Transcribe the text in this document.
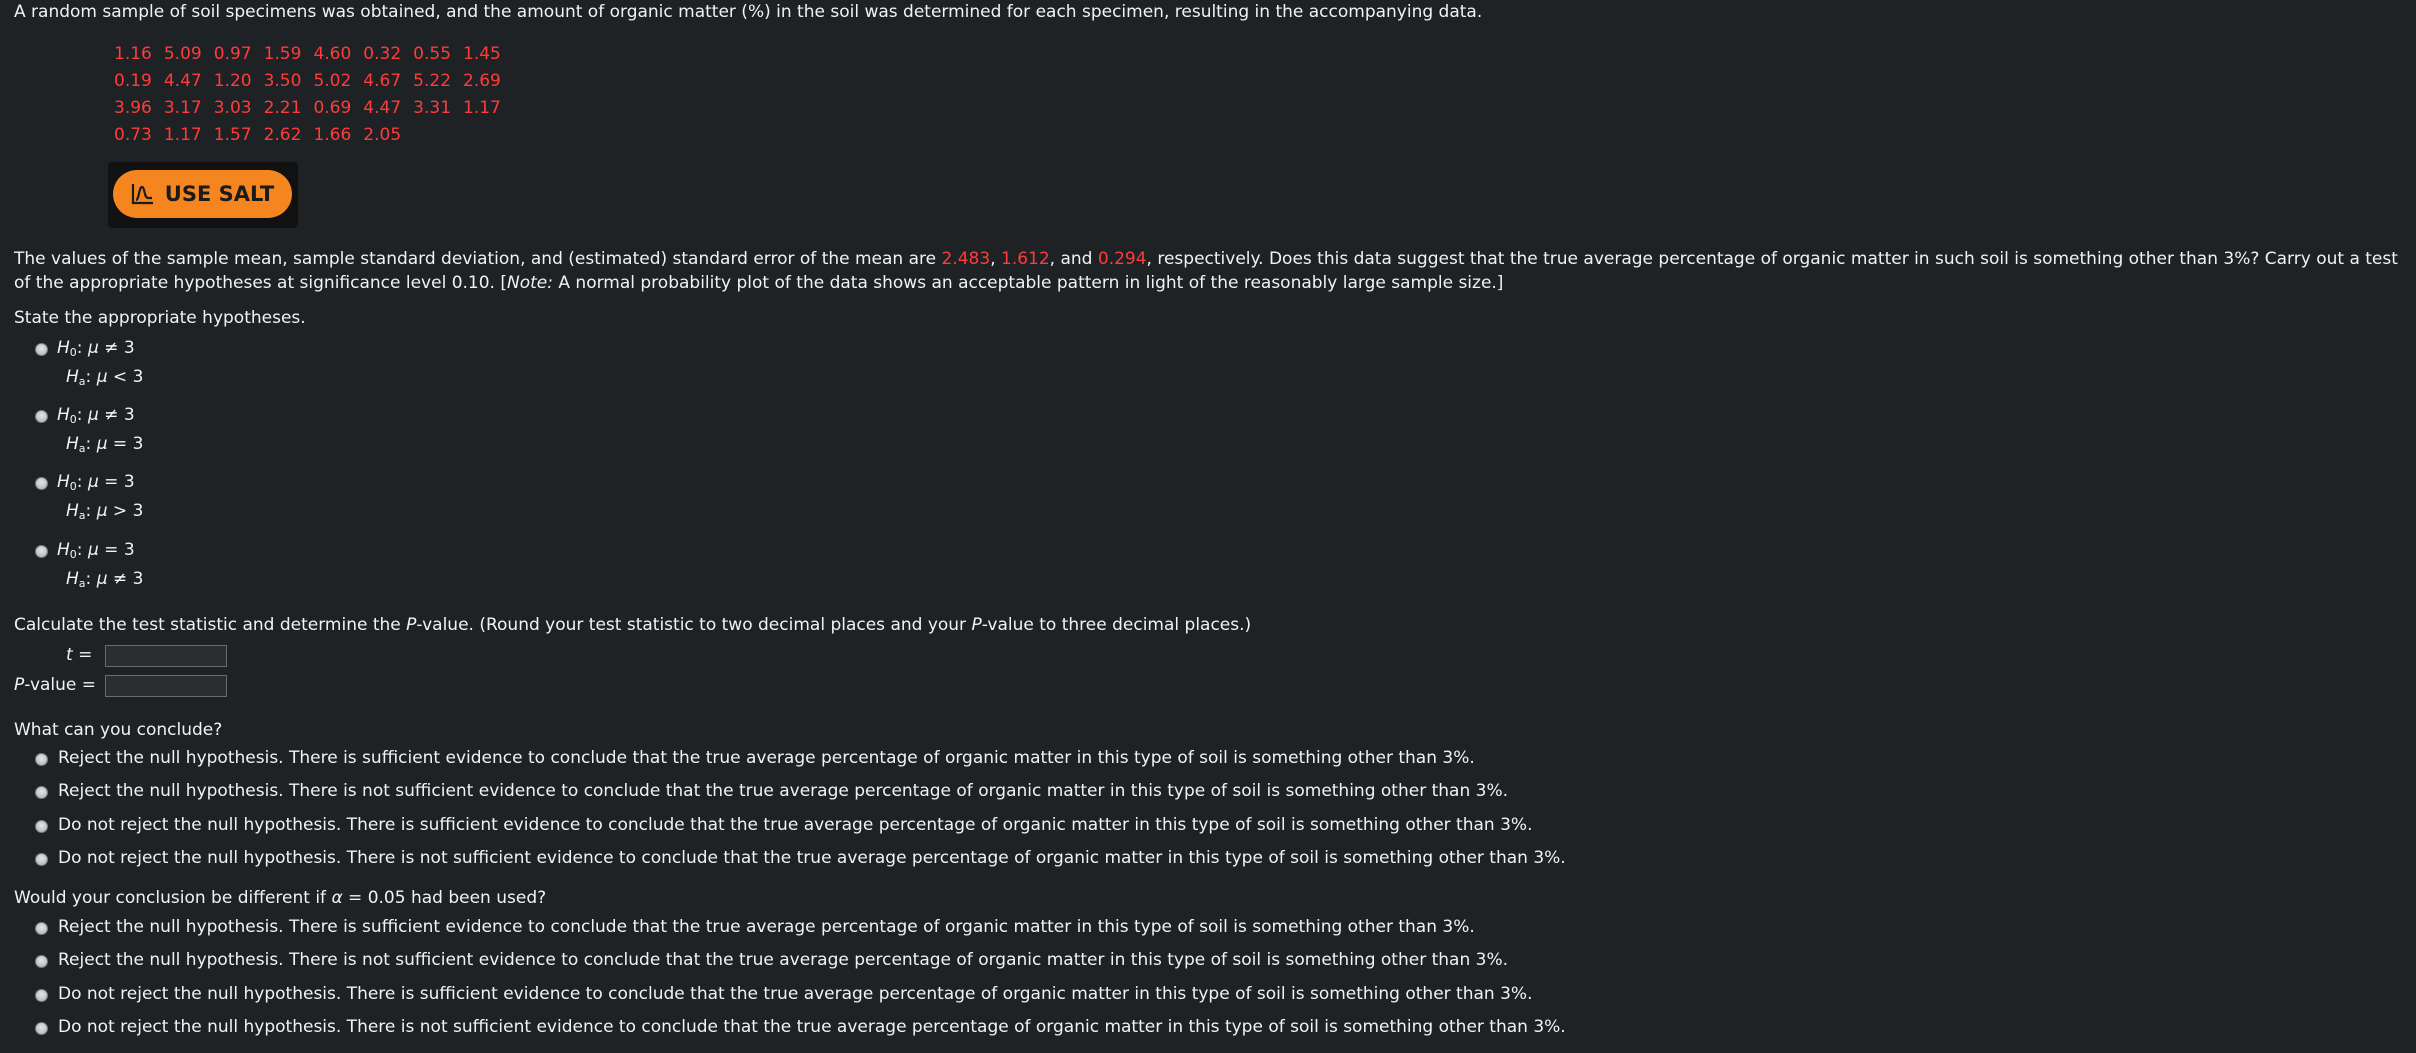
A random sample of soil specimens was obtained, and the amount of organic matter (%) in the soil was determined for each specimen, resulting in the accompanying data.
1.16	5.09	0.97	1.59	4.60	0.32	0.55	1.45
0.19	4.47	1.20	3.50	5.02	4.67	5.22	2.69
3.96	3.17	3.03	2.21	0.69	4.47	3.31	1.17
0.73	1.17	1.57	2.62	1.66	2.05		
USE SALT
The values of the sample mean, sample standard deviation, and (estimated) standard error of the mean are 2.483, 1.612, and 0.294, respectively. Does this data suggest that the true average percentage of organic matter in such soil is something other than 3%? Carry out a test of the appropriate hypotheses at significance level 0.10. [Note: A normal probability plot of the data shows an acceptable pattern in light of the reasonably large sample size.]
State the appropriate hypotheses.
$H_0$: μ ≠ 3
$H_a$: μ < 3
$H_0$: μ ≠ 3
$H_a$: μ = 3
$H_0$: μ = 3
$H_a$: μ > 3
$H_0$: μ = 3
$H_a$: μ ≠ 3
Calculate the test statistic and determine the P-value. (Round your test statistic to two decimal places and your P-value to three decimal places.)
t =
P-value =
What can you conclude?
Reject the null hypothesis. There is sufficient evidence to conclude that the true average percentage of organic matter in this type of soil is something other than 3%.
Reject the null hypothesis. There is not sufficient evidence to conclude that the true average percentage of organic matter in this type of soil is something other than 3%.
Do not reject the null hypothesis. There is sufficient evidence to conclude that the true average percentage of organic matter in this type of soil is something other than 3%.
Do not reject the null hypothesis. There is not sufficient evidence to conclude that the true average percentage of organic matter in this type of soil is something other than 3%.
Would your conclusion be different if α = 0.05 had been used?
Reject the null hypothesis. There is sufficient evidence to conclude that the true average percentage of organic matter in this type of soil is something other than 3%.
Reject the null hypothesis. There is not sufficient evidence to conclude that the true average percentage of organic matter in this type of soil is something other than 3%.
Do not reject the null hypothesis. There is sufficient evidence to conclude that the true average percentage of organic matter in this type of soil is something other than 3%.
Do not reject the null hypothesis. There is not sufficient evidence to conclude that the true average percentage of organic matter in this type of soil is something other than 3%.
